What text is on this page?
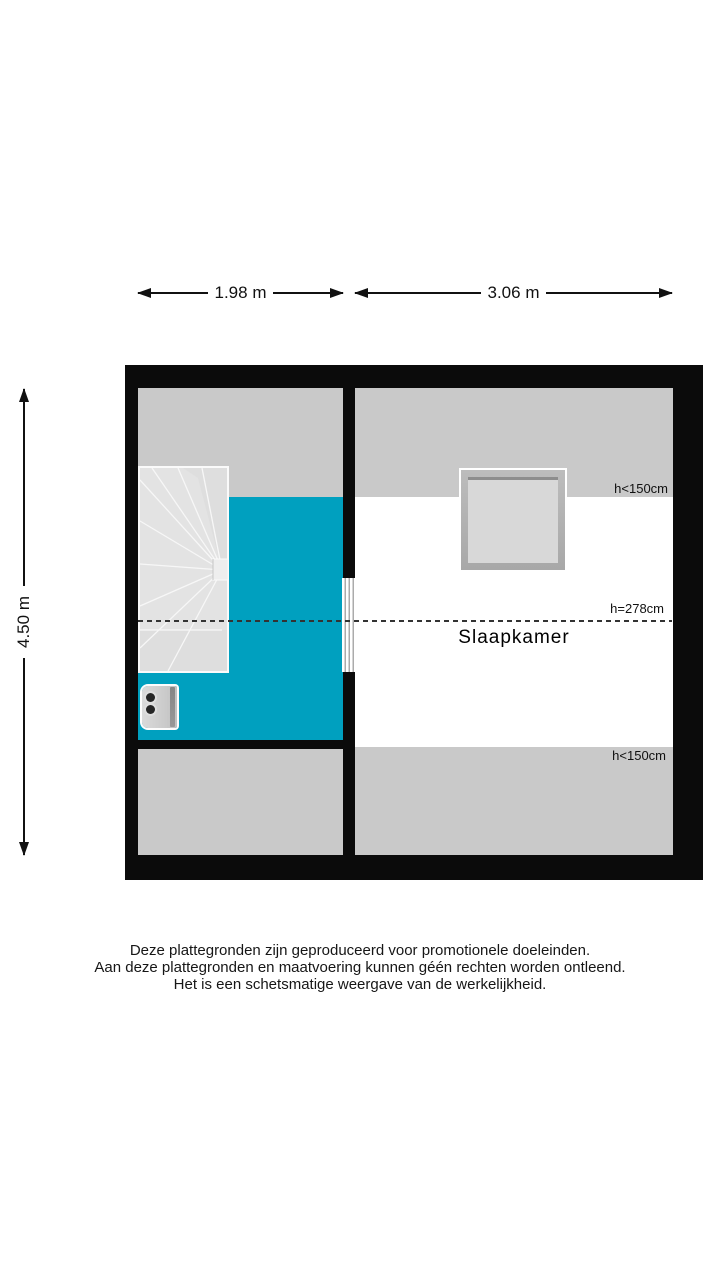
1.98 m	3.06 m
4.50 m
h<150cm
h=278cm
h<150cm
Slaapkamer
Deze plattegronden zijn geproduceerd voor promotionele doeleinden.
Aan deze plattegronden en maatvoering kunnen géén rechten worden ontleend.
Het is een schetsmatige weergave van de werkelijkheid.
